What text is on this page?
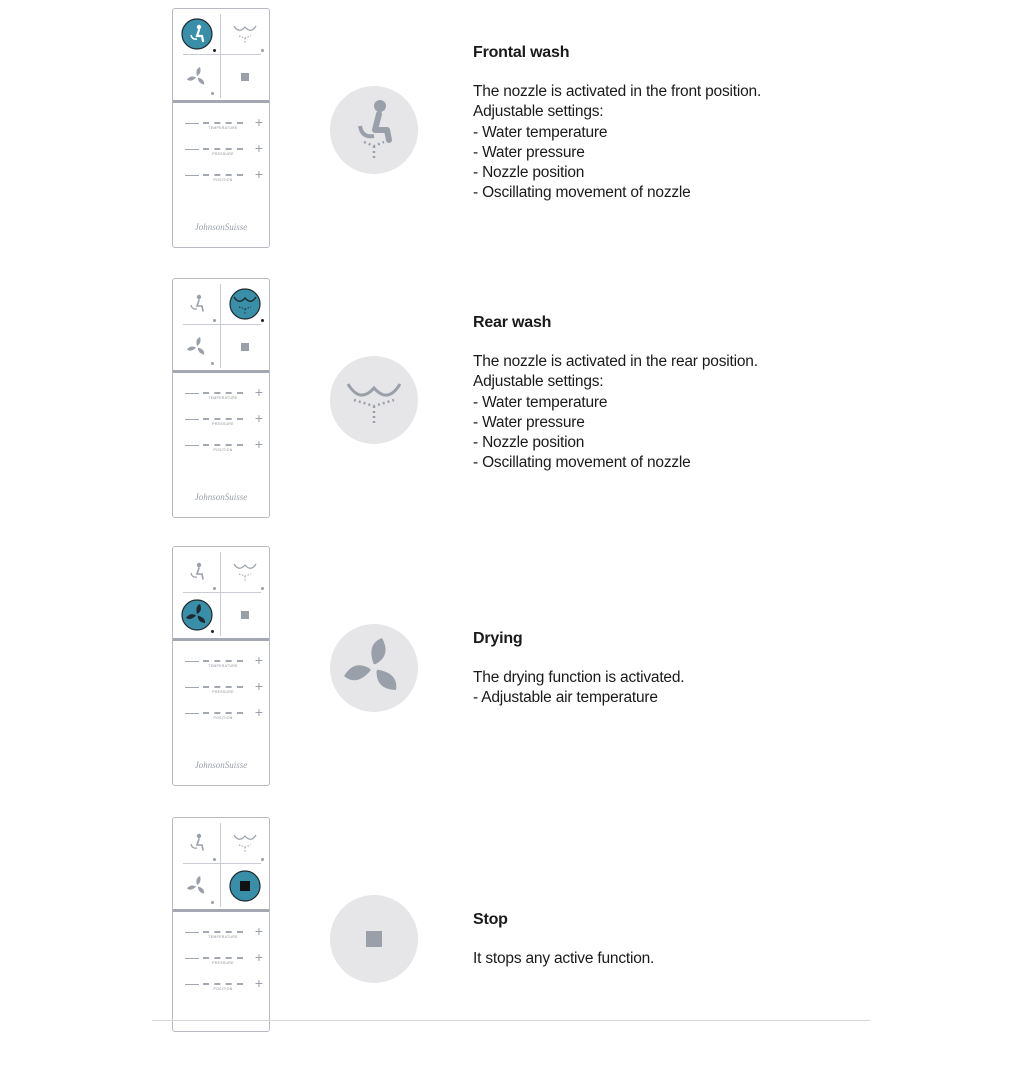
—	TEMPERATURE	+
—	PRESSURE	+
—	POSITION	+
JohnsonSuisse
Frontal wash
The nozzle is activated in the front position.
Adjustable settings:
- Water temperature
- Water pressure
- Nozzle position
- Oscillating movement of nozzle
—	TEMPERATURE	+
—	PRESSURE	+
—	POSITION	+
JohnsonSuisse
Rear wash
The nozzle is activated in the rear position.
Adjustable settings:
- Water temperature
- Water pressure
- Nozzle position
- Oscillating movement of nozzle
—	TEMPERATURE	+
—	PRESSURE	+
—	POSITION	+
JohnsonSuisse
Drying
The drying function is activated.
- Adjustable air temperature
—	TEMPERATURE	+
—	PRESSURE	+
—	POSITION	+
Stop
It stops any active function.
